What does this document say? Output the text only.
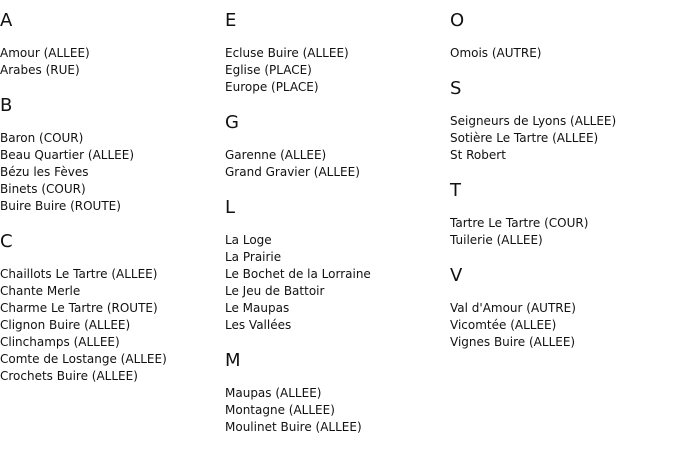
A
Amour (ALLEE)
Arabes (RUE)
B
Baron (COUR)
Beau Quartier (ALLEE)
Bézu les Fèves
Binets (COUR)
Buire Buire (ROUTE)
C
Chaillots Le Tartre (ALLEE)
Chante Merle
Charme Le Tartre (ROUTE)
Clignon Buire (ALLEE)
Clinchamps (ALLEE)
Comte de Lostange (ALLEE)
Crochets Buire (ALLEE)
E
Ecluse Buire (ALLEE)
Eglise (PLACE)
Europe (PLACE)
G
Garenne (ALLEE)
Grand Gravier (ALLEE)
L
La Loge
La Prairie
Le Bochet de la Lorraine
Le Jeu de Battoir
Le Maupas
Les Vallées
M
Maupas (ALLEE)
Montagne (ALLEE)
Moulinet Buire (ALLEE)
O
Omois (AUTRE)
S
Seigneurs de Lyons (ALLEE)
Sotière Le Tartre (ALLEE)
St Robert
T
Tartre Le Tartre (COUR)
Tuilerie (ALLEE)
V
Val d'Amour (AUTRE)
Vicomtée (ALLEE)
Vignes Buire (ALLEE)
